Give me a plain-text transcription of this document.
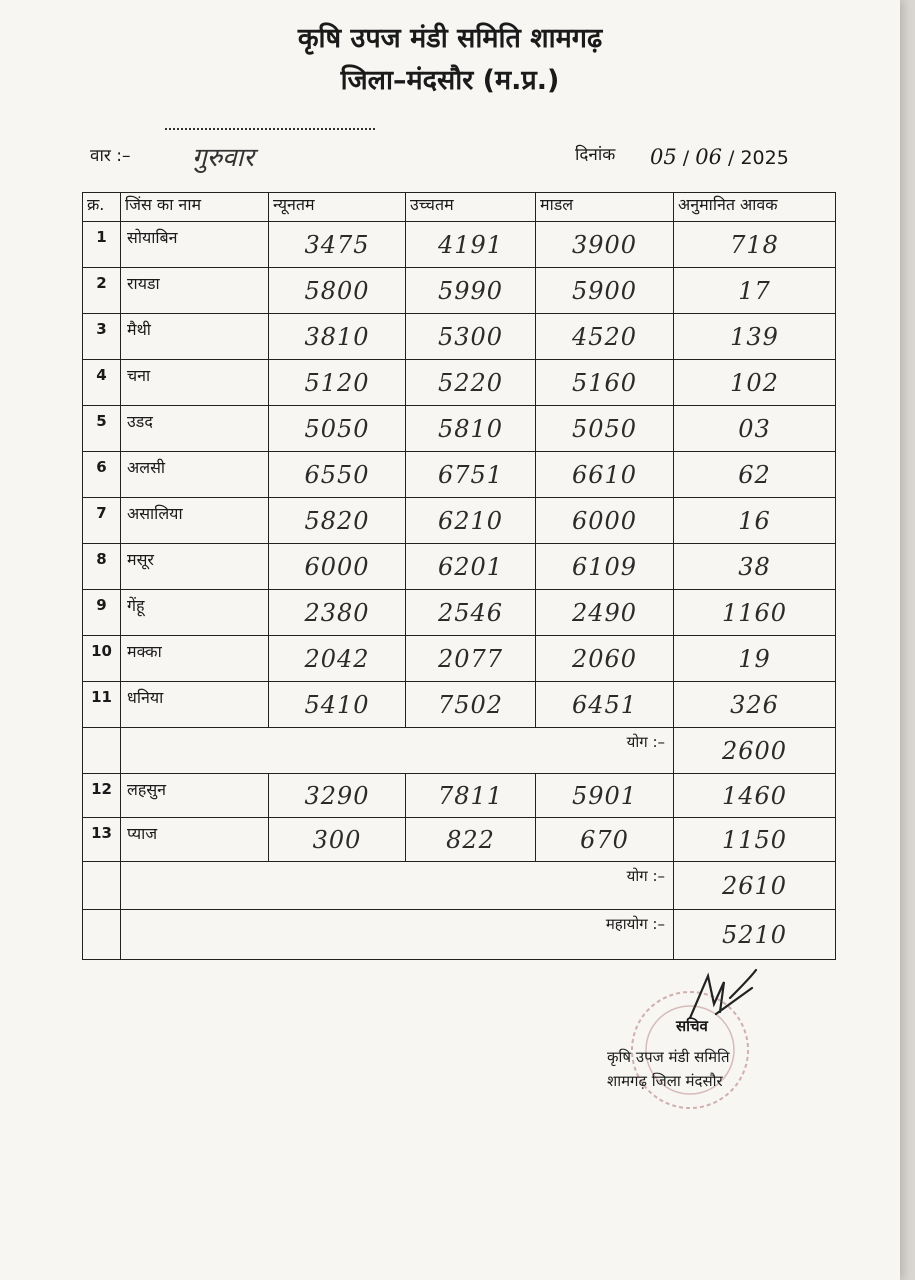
कृषि उपज मंडी समिति शामगढ़
जिला–मंदसौर (म.प्र.)
वार :– गुरुवार	दिनांक 05 / 06 / 2025
क्र.	जिंस का नाम	न्यूनतम	उच्चतम	माडल	अनुमानित आवक
1	सोयाबिन	3475	4191	3900	718
2	रायडा	5800	5990	5900	17
3	मैथी	3810	5300	4520	139
4	चना	5120	5220	5160	102
5	उडद	5050	5810	5050	03
6	अलसी	6550	6751	6610	62
7	असालिया	5820	6210	6000	16
8	मसूर	6000	6201	6109	38
9	गेंहू	2380	2546	2490	1160
10	मक्का	2042	2077	2060	19
11	धनिया	5410	7502	6451	326
	योग :–				2600
12	लहसुन	3290	7811	5901	1460
13	प्याज	300	822	670	1150
	योग :–				2610
	महायोग :–				5210
सचिव
कृषि उपज मंडी समिति
शामगढ़ जिला मंदसौर
